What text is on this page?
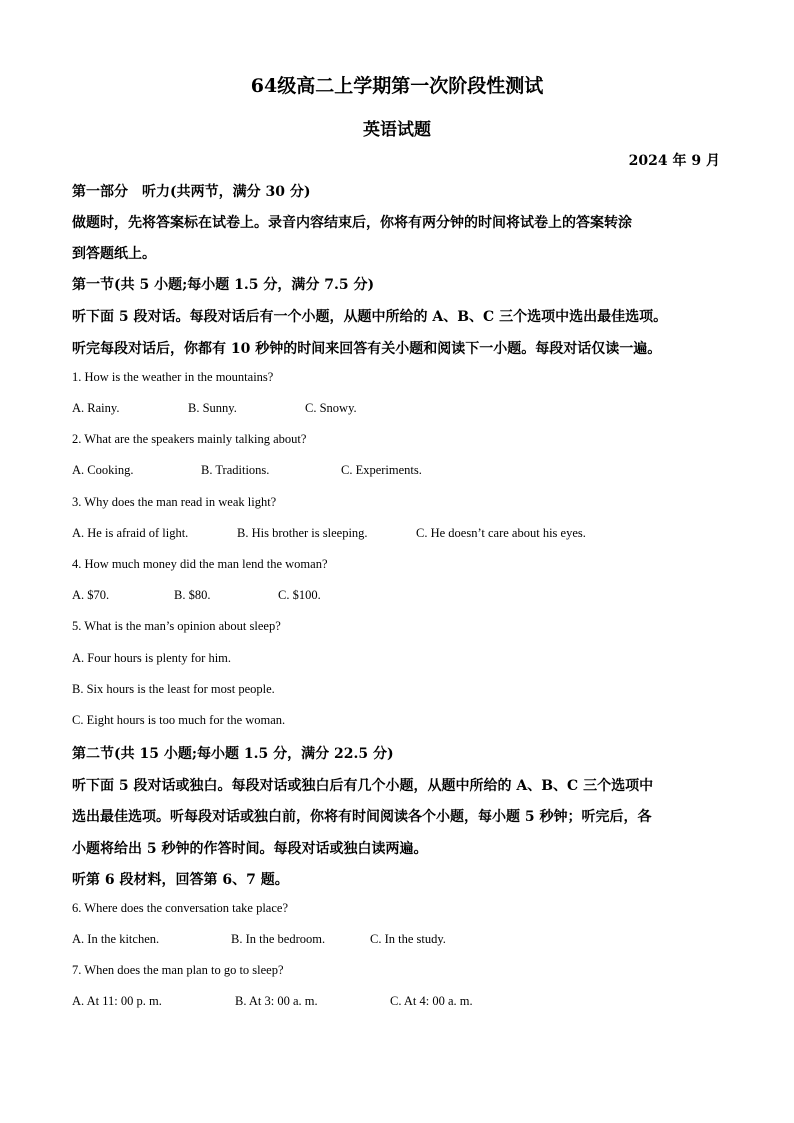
64级高二上学期第一次阶段性测试
英语试题
2024 年 9 月
第一部分　听力(共两节，满分 30 分)
做题时，先将答案标在试卷上。录音内容结束后，你将有两分钟的时间将试卷上的答案转涂
到答题纸上。
第一节(共 5 小题;每小题 1.5 分，满分 7.5 分)
听下面 5 段对话。每段对话后有一个小题，从题中所给的 A、B、C 三个选项中选出最佳选项。
听完每段对话后，你都有 10 秒钟的时间来回答有关小题和阅读下一小题。每段对话仅读一遍。
1. How is the weather in the mountains?
A. Rainy.	B. Sunny.	C. Snowy.
2. What are the speakers mainly talking about?
A. Cooking.	B. Traditions.	C. Experiments.
3. Why does the man read in weak light?
A. He is afraid of light.	B. His brother is sleeping.	C. He doesn’t care about his eyes.
4. How much money did the man lend the woman?
A. $70.	B. $80.	C. $100.
5. What is the man’s opinion about sleep?
A. Four hours is plenty for him.
B. Six hours is the least for most people.
C. Eight hours is too much for the woman.
第二节(共 15 小题;每小题 1.5 分，满分 22.5 分)
听下面 5 段对话或独白。每段对话或独白后有几个小题，从题中所给的 A、B、C 三个选项中
选出最佳选项。听每段对话或独白前，你将有时间阅读各个小题，每小题 5 秒钟；听完后，各
小题将给出 5 秒钟的作答时间。每段对话或独白读两遍。
听第 6 段材料，回答第 6、7 题。
6. Where does the conversation take place?
A. In the kitchen.	B. In the bedroom.	C. In the study.
7. When does the man plan to go to sleep?
A. At 11: 00 p. m.	B. At 3: 00 a. m.	C. At 4: 00 a. m.
